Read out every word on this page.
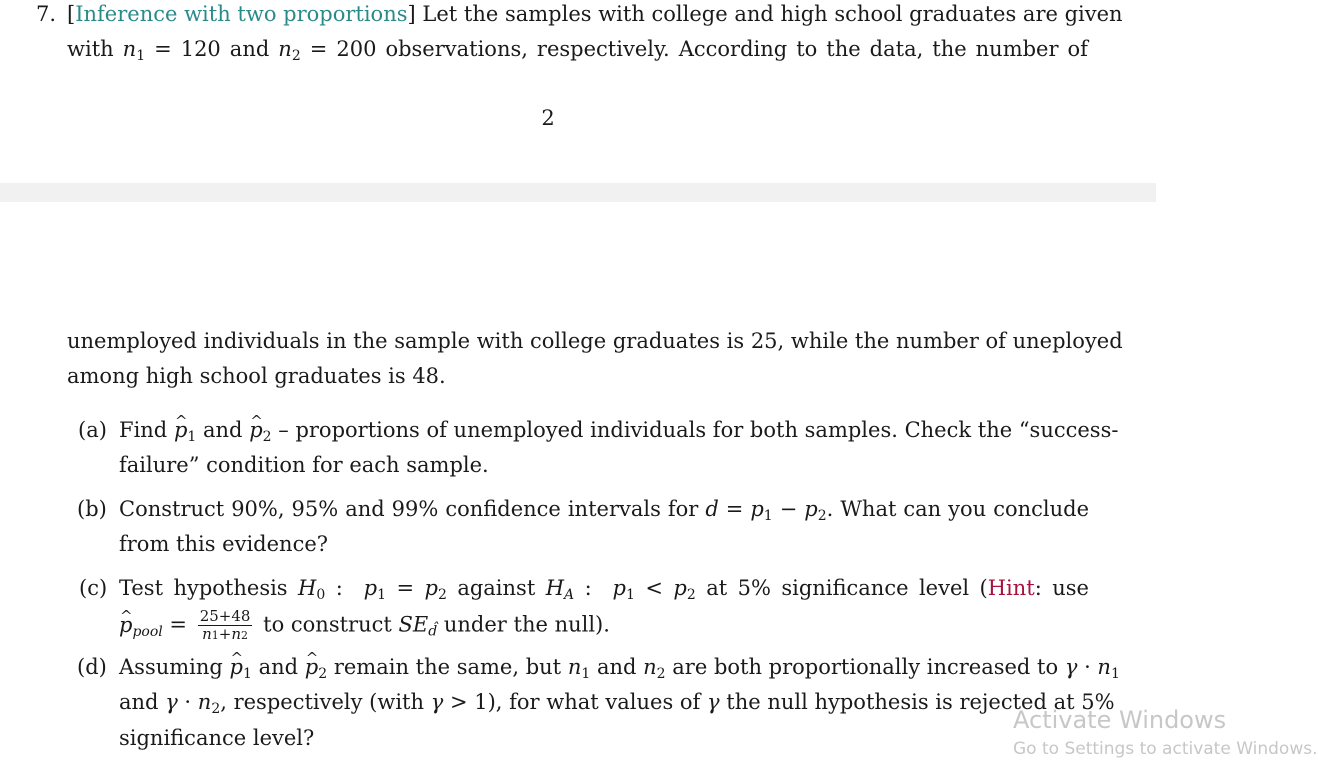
7. [Inference with two proportions] Let the samples with college and high school graduates are given
with $n_1 = 120$ and $n_2 = 200$ observations, respectively. According to the data, the number of
2
unemployed individuals in the sample with college graduates is 25, while the number of uneployed
among high school graduates is 48.
(a) Find ^ $p_1$ and ^ $p_2$ – proportions of unemployed individuals for both samples. Check the “success-
failure” condition for each sample.
(b) Construct 90%, 95% and 99% confidence intervals for $d = p_1 - p_2$. What can you conclude
from this evidence?
(c) Test hypothesis $H_0$ :  $p_1 = p_2$ against HA :  $p_1 < p_2$ at 5% significance level (Hint: use
^ ppool = $\frac{25+48}{n1+n2}$ to construct SEd̂ under the null).
(d) Assuming ^ $p_1$ and ^ $p_2$ remain the same, but $n_1$ and $n_2$ are both proportionally increased to $\gamma \cdot n_1$
and $\gamma \cdot n_2$, respectively (with γ > 1), for what values of γ the null hypothesis is rejected at 5%
significance level?
Activate Windows
Go to Settings to activate Windows.
